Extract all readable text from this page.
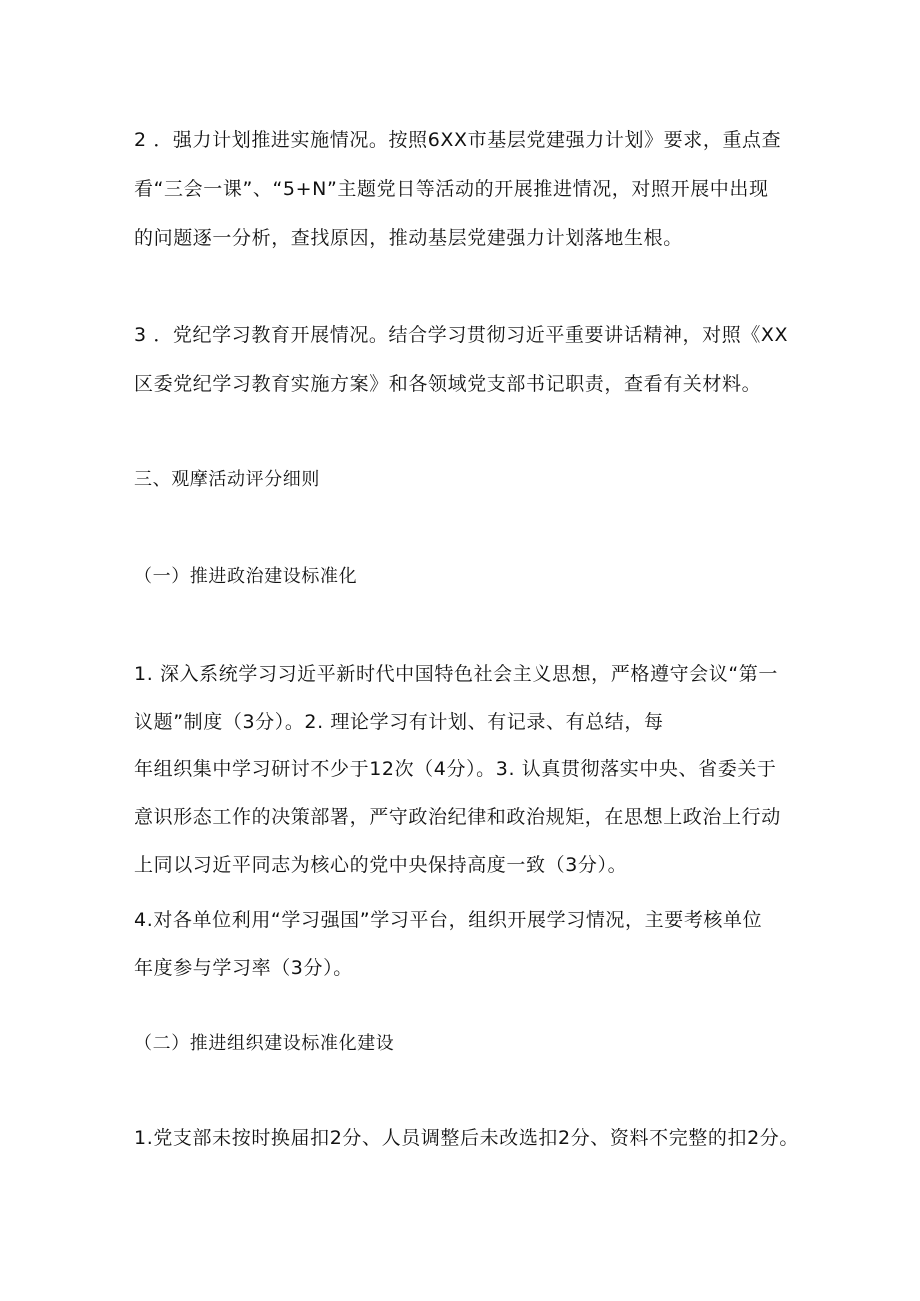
2 ．强力计划推进实施情况。按照6XX市基层党建强力计划》要求，重点查
看“三会一课”、“5+N”主题党日等活动的开展推进情况，对照开展中出现
的问题逐一分析，查找原因，推动基层党建强力计划落地生根。
3 ．党纪学习教育开展情况。结合学习贯彻习近平重要讲话精神，对照《XX
区委党纪学习教育实施方案》和各领域党支部书记职责，查看有关材料。
三、观摩活动评分细则
（一）推进政治建设标准化
1. 深入系统学习习近平新时代中国特色社会主义思想，严格遵守会议“第一
议题”制度（3分）。2. 理论学习有计划、有记录、有总结，每
年组织集中学习研讨不少于12次（4分）。3. 认真贯彻落实中央、省委关于
意识形态工作的决策部署，严守政治纪律和政治规矩，在思想上政治上行动
上同以习近平同志为核心的党中央保持高度一致（3分）。
4.对各单位利用“学习强国”学习平台，组织开展学习情况，主要考核单位
年度参与学习率（3分）。
（二）推进组织建设标准化建设
1.党支部未按时换届扣2分、人员调整后未改选扣2分、资料不完整的扣2分。
